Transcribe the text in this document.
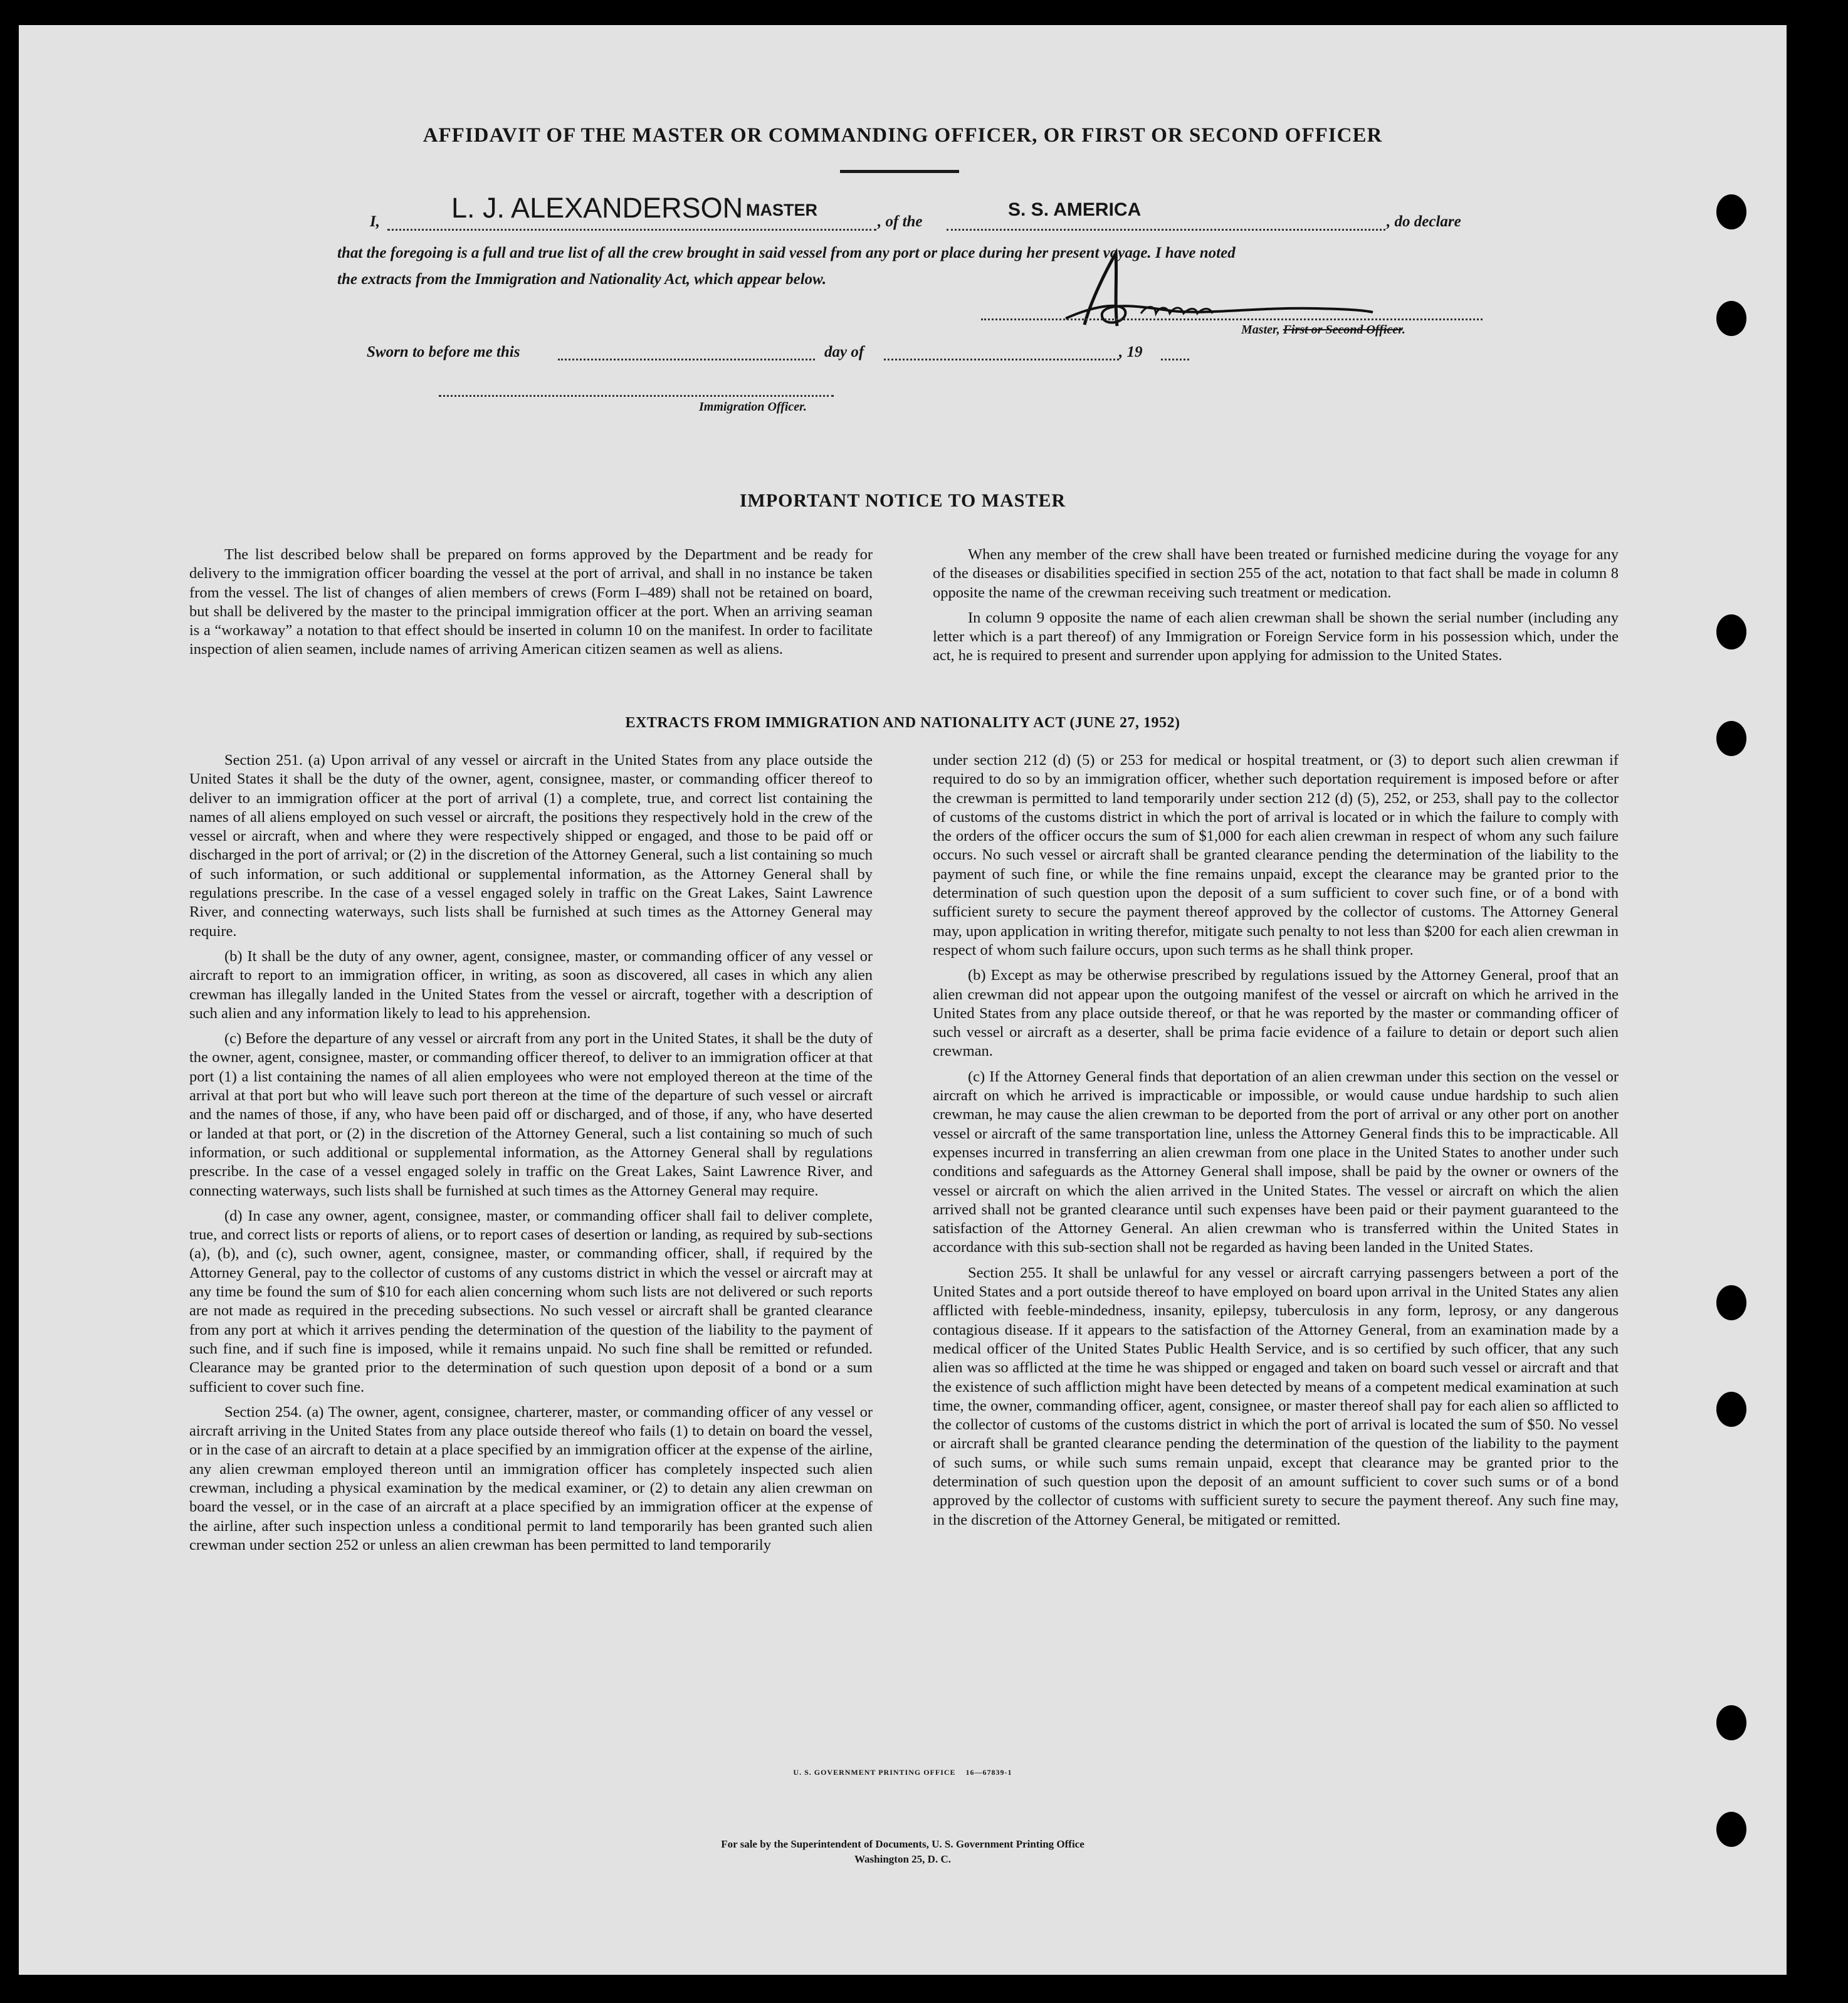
AFFIDAVIT OF THE MASTER OR COMMANDING OFFICER, OR FIRST OR SECOND OFFICER
I,	L. J. ALEXANDERSON MASTER
, of the
S. S. AMERICA
, do declare
that the foregoing is a full and true list of all the crew brought in said vessel from any port or place during her present voyage. I have noted
the extracts from the Immigration and Nationality Act, which appear below.
Master, First or Second Officer.
Sworn to before me this	day of	, 19
Immigration Officer.
IMPORTANT NOTICE TO MASTER

The list described below shall be prepared on forms approved by the Department and be ready for delivery to the immigration officer boarding the vessel at the port of arrival, and shall in no instance be taken from the vessel. The list of changes of alien members of crews (Form I–489) shall not be retained on board, but shall be delivered by the master to the principal immigration officer at the port. When an arriving seaman is a “workaway” a notation to that effect should be inserted in column 10 on the manifest. In order to facilitate inspection of alien seamen, include names of arriving American citizen seamen as well as aliens.

When any member of the crew shall have been treated or furnished medicine during the voyage for any of the diseases or disabilities specified in section 255 of the act, notation to that fact shall be made in column 8 opposite the name of the crewman receiving such treatment or medication.

In column 9 opposite the name of each alien crewman shall be shown the serial number (including any letter which is a part thereof) of any Immigration or Foreign Service form in his possession which, under the act, he is required to present and surrender upon applying for admission to the United States.

EXTRACTS FROM IMMIGRATION AND NATIONALITY ACT (JUNE 27, 1952)

Section 251. (a) Upon arrival of any vessel or aircraft in the United States from any place outside the United States it shall be the duty of the owner, agent, consignee, master, or commanding officer thereof to deliver to an immigration officer at the port of arrival (1) a complete, true, and correct list containing the names of all aliens employed on such vessel or aircraft, the positions they respectively hold in the crew of the vessel or aircraft, when and where they were respectively shipped or engaged, and those to be paid off or discharged in the port of arrival; or (2) in the discretion of the Attorney General, such a list containing so much of such information, or such additional or supplemental information, as the Attorney General shall by regulations prescribe. In the case of a vessel engaged solely in traffic on the Great Lakes, Saint Lawrence River, and connecting waterways, such lists shall be furnished at such times as the Attorney General may require.

(b) It shall be the duty of any owner, agent, consignee, master, or commanding officer of any vessel or aircraft to report to an immigration officer, in writing, as soon as discovered, all cases in which any alien crewman has illegally landed in the United States from the vessel or aircraft, together with a description of such alien and any information likely to lead to his apprehension.

(c) Before the departure of any vessel or aircraft from any port in the United States, it shall be the duty of the owner, agent, consignee, master, or commanding officer thereof, to deliver to an immigration officer at that port (1) a list containing the names of all alien employees who were not employed thereon at the time of the arrival at that port but who will leave such port thereon at the time of the departure of such vessel or aircraft and the names of those, if any, who have been paid off or discharged, and of those, if any, who have deserted or landed at that port, or (2) in the discretion of the Attorney General, such a list containing so much of such information, or such additional or supplemental information, as the Attorney General shall by regulations prescribe. In the case of a vessel engaged solely in traffic on the Great Lakes, Saint Lawrence River, and connecting waterways, such lists shall be furnished at such times as the Attorney General may require.

(d) In case any owner, agent, consignee, master, or commanding officer shall fail to deliver complete, true, and correct lists or reports of aliens, or to report cases of desertion or landing, as required by sub-sections (a), (b), and (c), such owner, agent, consignee, master, or commanding officer, shall, if required by the Attorney General, pay to the collector of customs of any customs district in which the vessel or aircraft may at any time be found the sum of $10 for each alien concerning whom such lists are not delivered or such reports are not made as required in the preceding subsections. No such vessel or aircraft shall be granted clearance from any port at which it arrives pending the determination of the question of the liability to the payment of such fine, and if such fine is imposed, while it remains unpaid. No such fine shall be remitted or refunded. Clearance may be granted prior to the determination of such question upon deposit of a bond or a sum sufficient to cover such fine.

Section 254. (a) The owner, agent, consignee, charterer, master, or commanding officer of any vessel or aircraft arriving in the United States from any place outside thereof who fails (1) to detain on board the vessel, or in the case of an aircraft to detain at a place specified by an immigration officer at the expense of the airline, any alien crewman employed thereon until an immigration officer has completely inspected such alien crewman, including a physical examination by the medical examiner, or (2) to detain any alien crewman on board the vessel, or in the case of an aircraft at a place specified by an immigration officer at the expense of the airline, after such inspection unless a conditional permit to land temporarily has been granted such alien crewman under section 252 or unless an alien crewman has been permitted to land temporarily

under section 212 (d) (5) or 253 for medical or hospital treatment, or (3) to deport such alien crewman if required to do so by an immigration officer, whether such deportation requirement is imposed before or after the crewman is permitted to land temporarily under section 212 (d) (5), 252, or 253, shall pay to the collector of customs of the customs district in which the port of arrival is located or in which the failure to comply with the orders of the officer occurs the sum of $1,000 for each alien crewman in respect of whom any such failure occurs. No such vessel or aircraft shall be granted clearance pending the determination of the liability to the payment of such fine, or while the fine remains unpaid, except the clearance may be granted prior to the determination of such question upon the deposit of a sum sufficient to cover such fine, or of a bond with sufficient surety to secure the payment thereof approved by the collector of customs. The Attorney General may, upon application in writing therefor, mitigate such penalty to not less than $200 for each alien crewman in respect of whom such failure occurs, upon such terms as he shall think proper.

(b) Except as may be otherwise prescribed by regulations issued by the Attorney General, proof that an alien crewman did not appear upon the outgoing manifest of the vessel or aircraft on which he arrived in the United States from any place outside thereof, or that he was reported by the master or commanding officer of such vessel or aircraft as a deserter, shall be prima facie evidence of a failure to detain or deport such alien crewman.

(c) If the Attorney General finds that deportation of an alien crewman under this section on the vessel or aircraft on which he arrived is impracticable or impossible, or would cause undue hardship to such alien crewman, he may cause the alien crewman to be deported from the port of arrival or any other port on another vessel or aircraft of the same transportation line, unless the Attorney General finds this to be impracticable. All expenses incurred in transferring an alien crewman from one place in the United States to another under such conditions and safeguards as the Attorney General shall impose, shall be paid by the owner or owners of the vessel or aircraft on which the alien arrived in the United States. The vessel or aircraft on which the alien arrived shall not be granted clearance until such expenses have been paid or their payment guaranteed to the satisfaction of the Attorney General. An alien crewman who is transferred within the United States in accordance with this sub-section shall not be regarded as having been landed in the United States.

Section 255. It shall be unlawful for any vessel or aircraft carrying passengers between a port of the United States and a port outside thereof to have employed on board upon arrival in the United States any alien afflicted with feeble-mindedness, insanity, epilepsy, tuberculosis in any form, leprosy, or any dangerous contagious disease. If it appears to the satisfaction of the Attorney General, from an examination made by a medical officer of the United States Public Health Service, and is so certified by such officer, that any such alien was so afflicted at the time he was shipped or engaged and taken on board such vessel or aircraft and that the existence of such affliction might have been detected by means of a competent medical examination at such time, the owner, commanding officer, agent, consignee, or master thereof shall pay for each alien so afflicted to the collector of customs of the customs district in which the port of arrival is located the sum of $50. No vessel or aircraft shall be granted clearance pending the determination of the question of the liability to the payment of such sums, or while such sums remain unpaid, except that clearance may be granted prior to the determination of such question upon the deposit of an amount sufficient to cover such sums or of a bond approved by the collector of customs with sufficient surety to secure the payment thereof. Any such fine may, in the discretion of the Attorney General, be mitigated or remitted.

U. S. GOVERNMENT PRINTING OFFICE    16—67839-1
For sale by the Superintendent of Documents, U. S. Government Printing Office
Washington 25, D. C.
